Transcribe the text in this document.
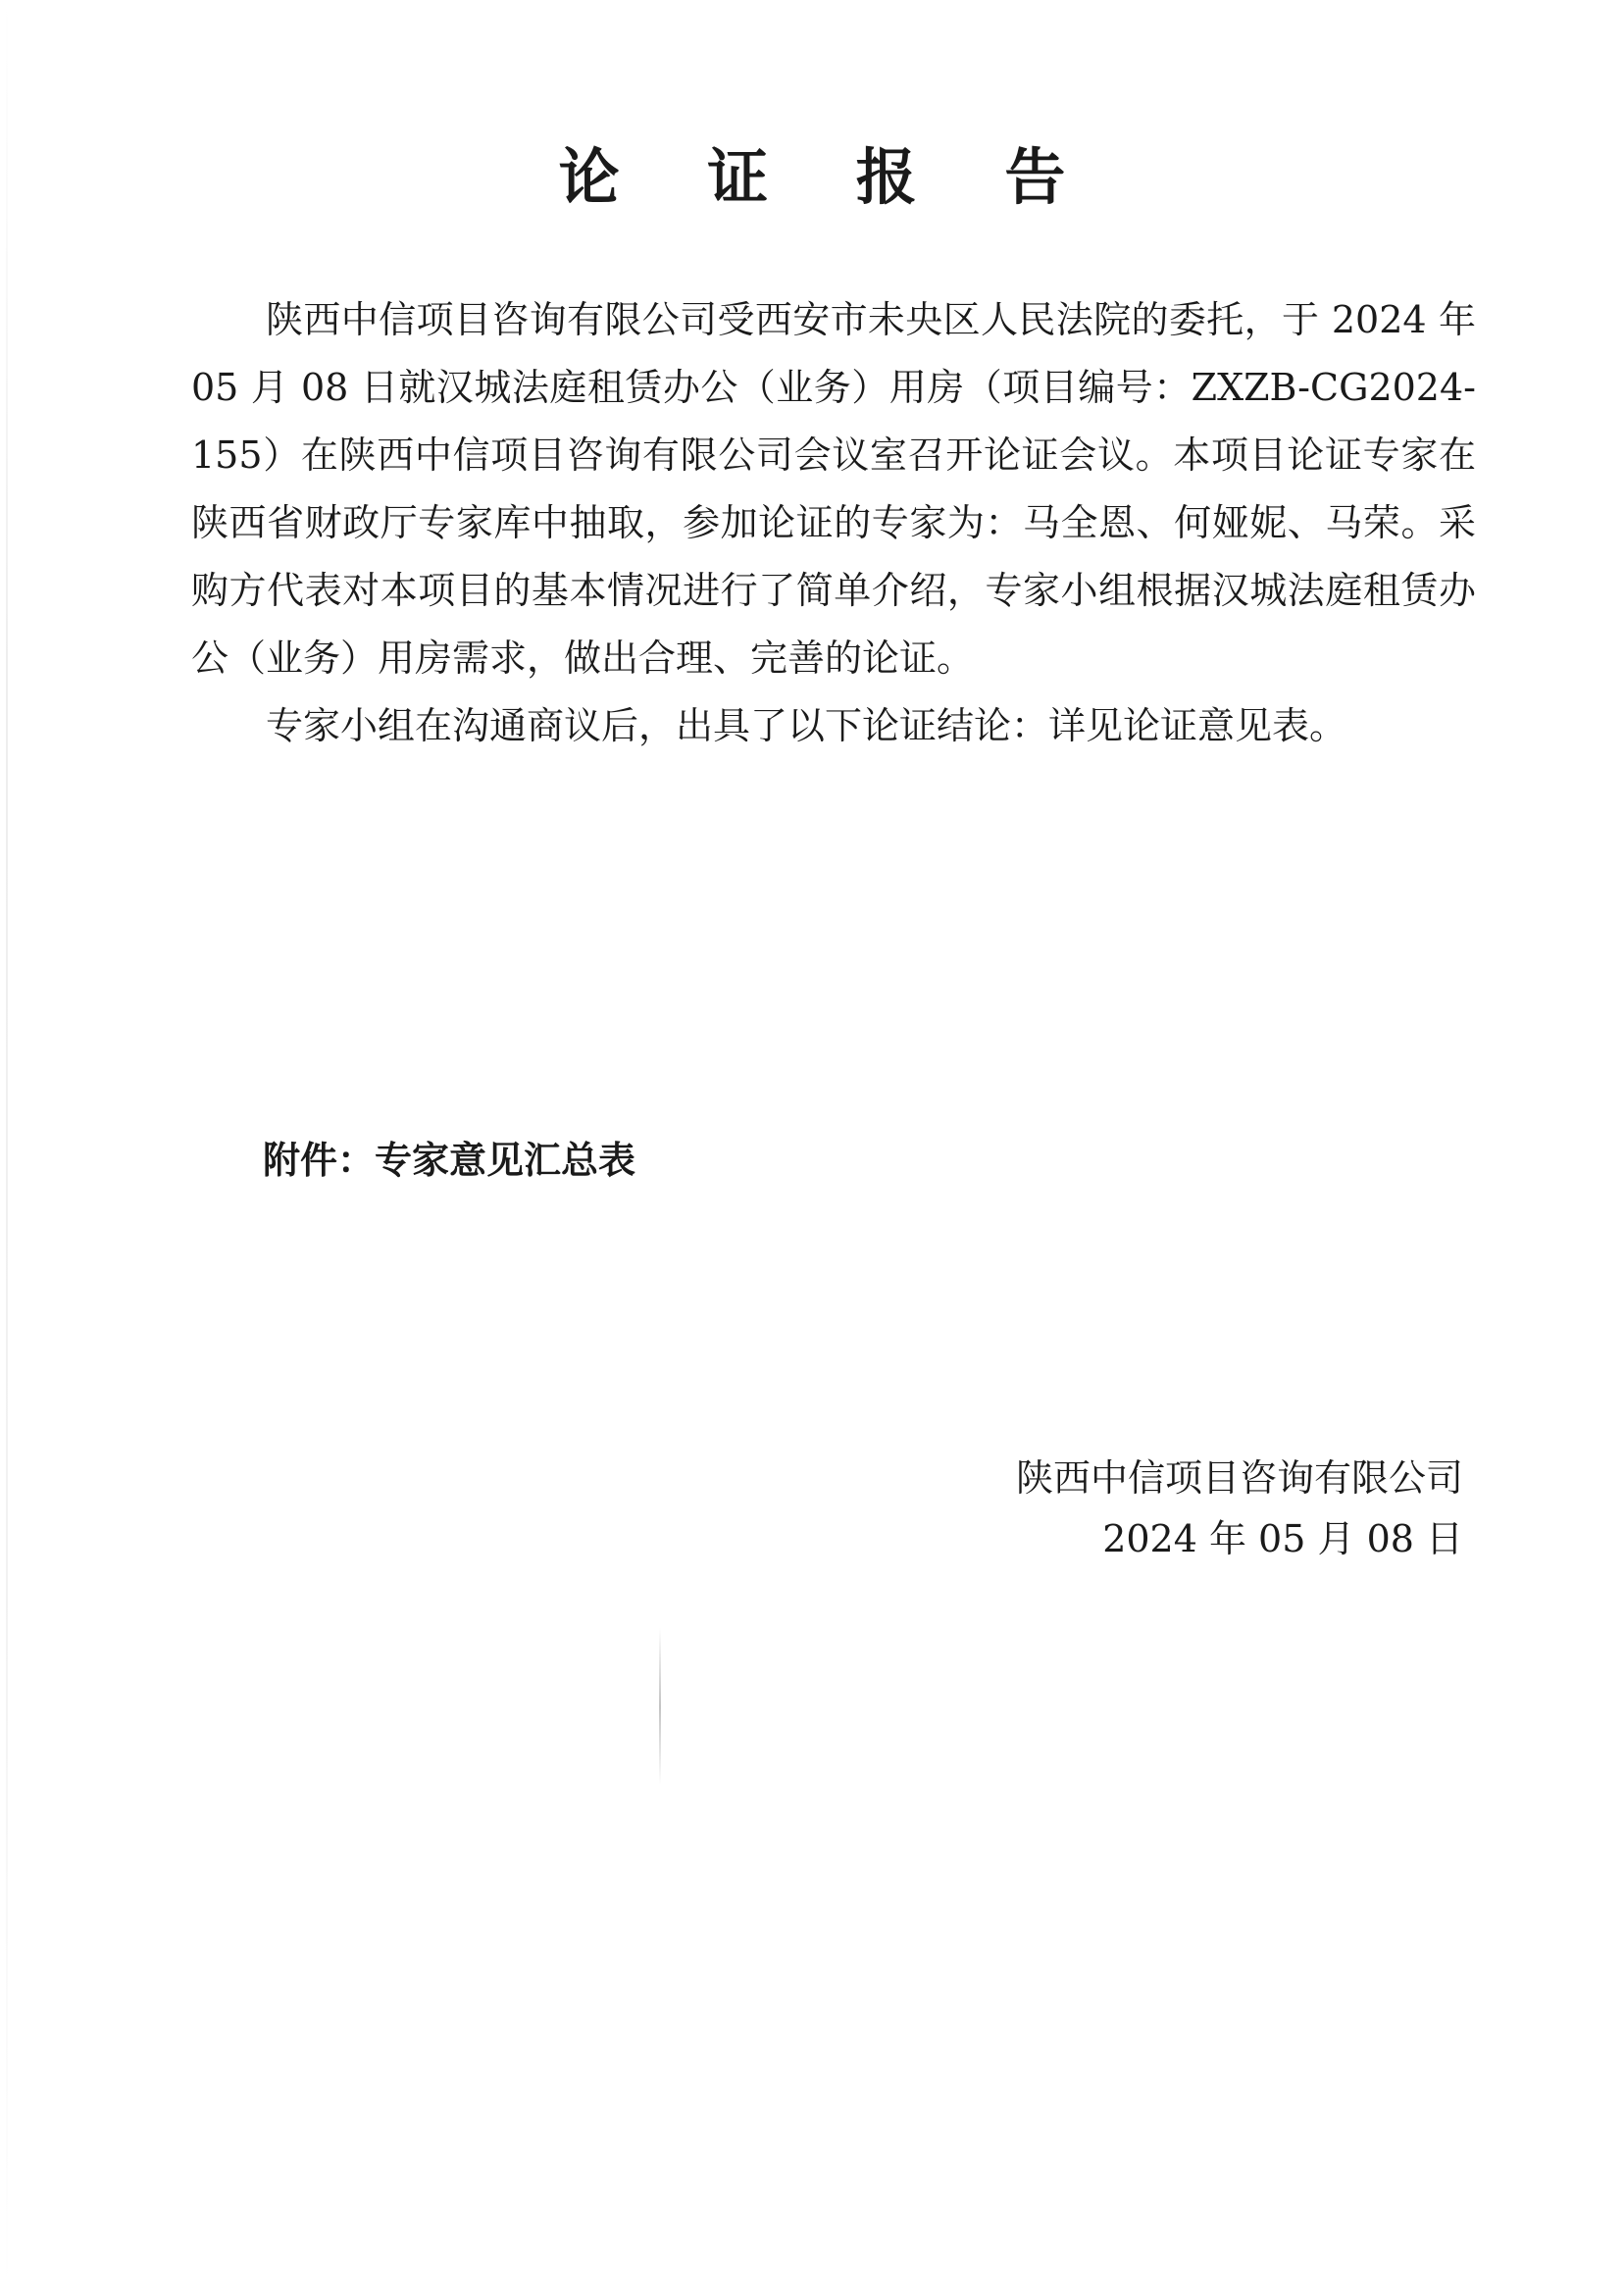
论 证 报 告

陕西中信项目咨询有限公司受西安市未央区人民法院的委托，于 2024 年 05 月 08 日就汉城法庭租赁办公（业务）用房（项目编号：ZXZB-CG2024-155）在陕西中信项目咨询有限公司会议室召开论证会议。本项目论证专家在陕西省财政厅专家库中抽取，参加论证的专家为：马全恩、何娅妮、马荣。采购方代表对本项目的基本情况进行了简单介绍，专家小组根据汉城法庭租赁办公（业务）用房需求，做出合理、完善的论证。

专家小组在沟通商议后，出具了以下论证结论：详见论证意见表。

附件：专家意见汇总表
陕西中信项目咨询有限公司
2024 年 05 月 08 日
